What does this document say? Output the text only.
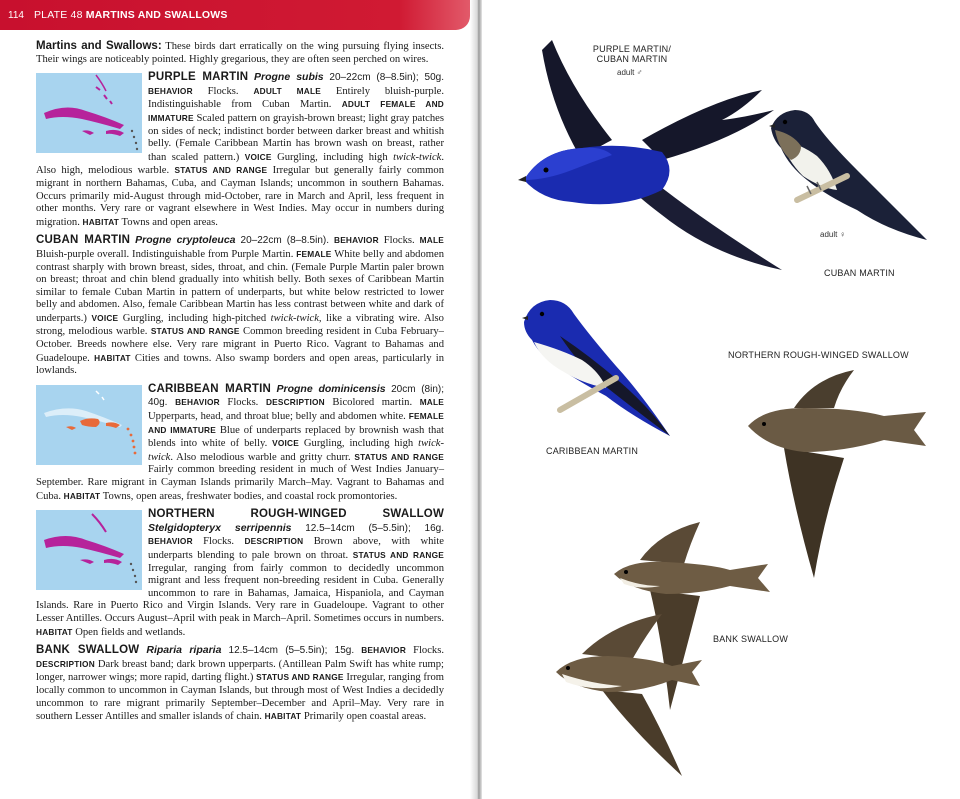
114 PLATE 48 MARTINS AND SWALLOWS

Martins and Swallows: These birds dart erratically on the wing pursuing flying insects. Their wings are noticeably pointed. Highly gregarious, they are often seen perched on wires.

PURPLE MARTIN Progne subis 20–22cm (8–8.5in); 50g. BEHAVIOR Flocks. ADULT MALE Entirely bluish-purple. Indistinguishable from Cuban Martin. ADULT FEMALE AND IMMATURE Scaled pattern on grayish-brown breast; light gray patches on sides of neck; indistinct border between darker breast and whitish belly. (Female Caribbean Martin has brown wash on breast, rather than scaled pattern.) VOICE Gurgling, including high twick-twick. Also high, melodious warble. STATUS AND RANGE Irregular but generally fairly common migrant in northern Bahamas, Cuba, and Cayman Islands; uncommon in southern Bahamas. Occurs primarily mid-August through mid-October, rare in March and April, less frequent in other months. Very rare or vagrant elsewhere in West Indies. May occur in numbers during migration. HABITAT Towns and open areas.
CUBAN MARTIN Progne cryptoleuca 20–22cm (8–8.5in). BEHAVIOR Flocks. MALE Bluish-purple overall. Indistinguishable from Purple Martin. FEMALE White belly and abdomen contrast sharply with brown breast, sides, throat, and chin. (Female Purple Martin paler brown on breast; throat and chin blend gradually into whitish belly. Both sexes of Caribbean Martin similar to female Cuban Martin in pattern of underparts, but white below restricted to lower belly and abdomen. Also, female Caribbean Martin has less contrast between white and dark of underparts.) VOICE Gurgling, including high-pitched twick-twick, like a vibrating wire. Also strong, melodious warble. STATUS AND RANGE Common breeding resident in Cuba February–October. Breeds nowhere else. Very rare migrant in Puerto Rico. Vagrant to Bahamas and Guadeloupe. HABITAT Cities and towns. Also swamp borders and open areas, particularly in lowlands.
CARIBBEAN MARTIN Progne dominicensis 20cm (8in); 40g. BEHAVIOR Flocks. DESCRIPTION Bicolored martin. MALE Upperparts, head, and throat blue; belly and abdomen white. FEMALE AND IMMATURE Blue of underparts replaced by brownish wash that blends into white of belly. VOICE Gurgling, including high twick-twick. Also melodious warble and gritty churr. STATUS AND RANGE Fairly common breeding resident in much of West Indies January–September. Rare migrant in Cayman Islands primarily March–May. Vagrant to Bahamas and Cuba. HABITAT Towns, open areas, freshwater bodies, and coastal rock promontories.
NORTHERN ROUGH-WINGED SWALLOW Stelgidopteryx serripennis 12.5–14cm (5–5.5in); 16g. BEHAVIOR Flocks. DESCRIPTION Brown above, with white underparts blending to pale brown on throat. STATUS AND RANGE Irregular, ranging from fairly common to decidedly uncommon migrant and less frequent non-breeding resident in Cuba. Generally uncommon to rare in Bahamas, Jamaica, Hispaniola, and Cayman Islands. Rare in Puerto Rico and Virgin Islands. Very rare in Guadeloupe. Vagrant to other Lesser Antilles. Occurs August–April with peak in March–April. Sometimes occurs in numbers. HABITAT Open fields and wetlands.
BANK SWALLOW Riparia riparia 12.5–14cm (5–5.5in); 15g. BEHAVIOR Flocks. DESCRIPTION Dark breast band; dark brown upperparts. (Antillean Palm Swift has white rump; longer, narrower wings; more rapid, darting flight.) STATUS AND RANGE Irregular, ranging from locally common to uncommon in Cayman Islands, but through most of West Indies a decidedly uncommon to rare migrant primarily September–December and April–May. Very rare in southern Lesser Antilles and smaller islands of chain. HABITAT Primarily open coastal areas.
PURPLE MARTIN/ CUBAN MARTIN
adult ♂
adult ♀
CUBAN MARTIN
NORTHERN ROUGH-WINGED SWALLOW
CARIBBEAN MARTIN
BANK SWALLOW
